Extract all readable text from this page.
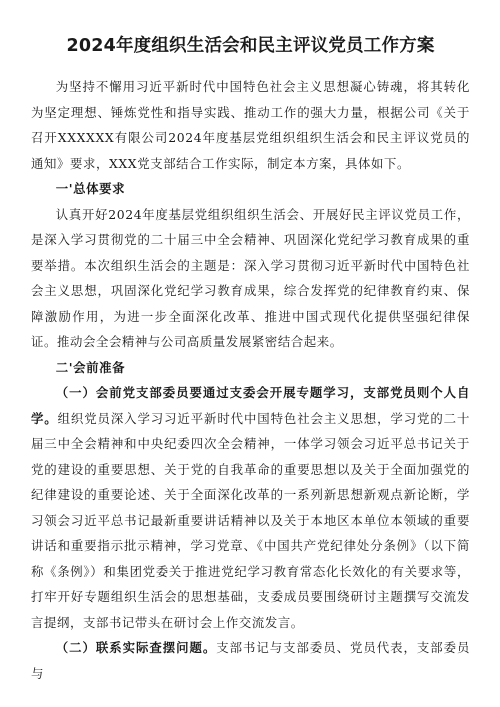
2024年度组织生活会和民主评议党员工作方案

为坚持不懈用习近平新时代中国特色社会主义思想凝心铸魂，将其转化为坚定理想、锤炼党性和指导实践、推动工作的强大力量，根据公司《关于召开XXXXXX有限公司2024年度基层党组织组织生活会和民主评议党员的通知》要求，XXX党支部结合工作实际，制定本方案，具体如下。

一'总体要求

认真开好2024年度基层党组织组织生活会、开展好民主评议党员工作，是深入学习贯彻党的二十届三中全会精神、巩固深化党纪学习教育成果的重要举措。本次组织生活会的主题是：深入学习贯彻习近平新时代中国特色社会主义思想，巩固深化党纪学习教育成果，综合发挥党的纪律教育约束、保障激励作用，为进一步全面深化改革、推进中国式现代化提供坚强纪律保证。推动会全会精神与公司高质量发展紧密结合起来。

二'会前准备

（一）会前党支部委员要通过支委会开展专题学习，支部党员则个人自学。组织党员深入学习习近平新时代中国特色社会主义思想，学习党的二十届三中全会精神和中央纪委四次全会精神，一体学习领会习近平总书记关于党的建设的重要思想、关于党的自我革命的重要思想以及关于全面加强党的纪律建设的重要论述、关于全面深化改革的一系列新思想新观点新论断，学习领会习近平总书记最新重要讲话精神以及关于本地区本单位本领域的重要讲话和重要指示批示精神，学习党章、《中国共产党纪律处分条例》（以下简称《条例》）和集团党委关于推进党纪学习教育常态化长效化的有关要求等，打牢开好专题组织生活会的思想基础，支委成员要围绕研讨主题撰写交流发言提纲，支部书记带头在研讨会上作交流发言。

（二）联系实际查摆问题。支部书记与支部委员、党员代表，支部委员与
